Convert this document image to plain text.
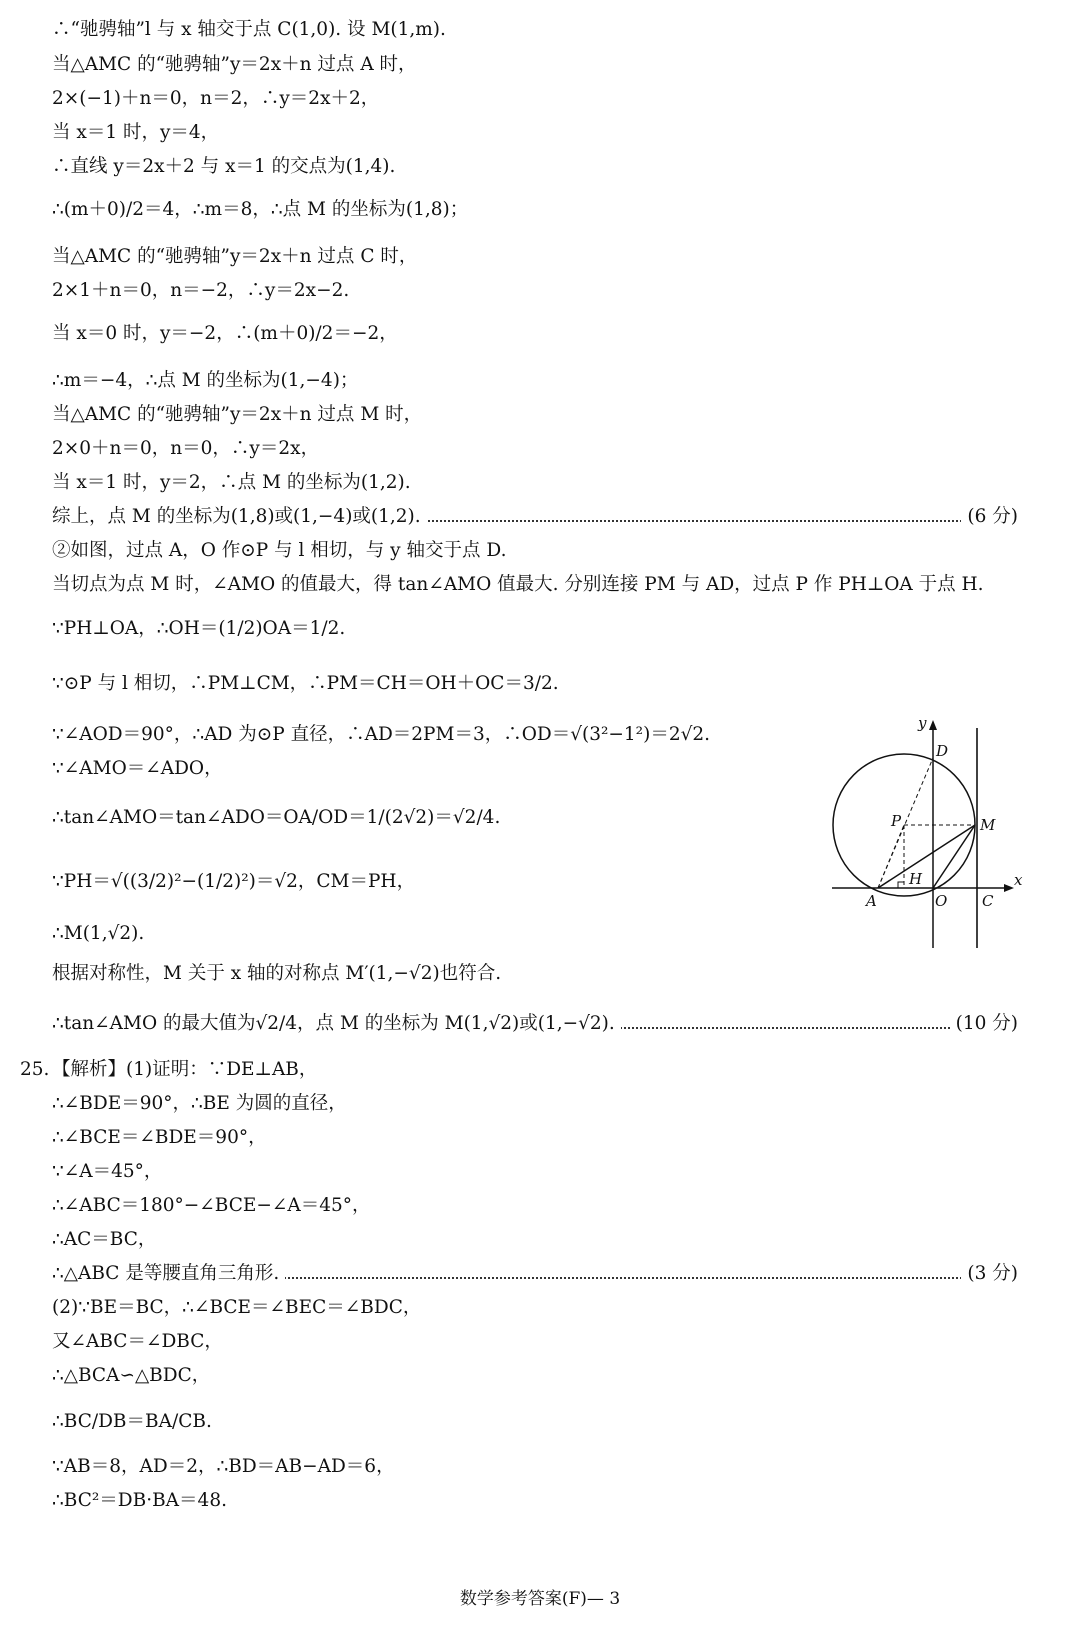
∴“驰骋轴”l 与 x 轴交于点 C(1,0). 设 M(1,m).
当△AMC 的“驰骋轴”y＝2x＋n 过点 A 时，
2×(−1)＋n＝0，n＝2，∴y＝2x＋2，
当 x＝1 时，y＝4，
∴直线 y＝2x＋2 与 x＝1 的交点为(1,4).
∴(m＋0)/2＝4，∴m＝8，∴点 M 的坐标为(1,8)；
当△AMC 的“驰骋轴”y＝2x＋n 过点 C 时，
2×1＋n＝0，n＝−2，∴y＝2x−2.
当 x＝0 时，y＝−2，∴(m＋0)/2＝−2，
∴m＝−4，∴点 M 的坐标为(1,−4)；
当△AMC 的“驰骋轴”y＝2x＋n 过点 M 时，
2×0＋n＝0，n＝0，∴y＝2x，
当 x＝1 时，y＝2，∴点 M 的坐标为(1,2).
综上，点 M 的坐标为(1,8)或(1,−4)或(1,2).	(6 分)
②如图，过点 A，O 作⊙P 与 l 相切，与 y 轴交于点 D.
当切点为点 M 时，∠AMO 的值最大，得 tan∠AMO 值最大. 分别连接 PM 与 AD，过点 P 作 PH⊥OA 于点 H.
∵PH⊥OA，∴OH＝(1/2)OA＝1/2.
∵⊙P 与 l 相切，∴PM⊥CM，∴PM＝CH＝OH＋OC＝3/2.
∵∠AOD＝90°，∴AD 为⊙P 直径，∴AD＝2PM＝3，∴OD＝√(3²−1²)＝2√2.
∵∠AMO＝∠ADO，
∴tan∠AMO＝tan∠ADO＝OA/OD＝1/(2√2)＝√2/4.
∵PH＝√((3/2)²−(1/2)²)＝√2，CM＝PH，
∴M(1,√2).
根据对称性，M 关于 x 轴的对称点 M′(1,−√2)也符合.
∴tan∠AMO 的最大值为√2/4，点 M 的坐标为 M(1,√2)或(1,−√2).	(10 分)
25. 【解析】(1)证明：∵DE⊥AB，
∴∠BDE＝90°，∴BE 为圆的直径，
∴∠BCE＝∠BDE＝90°，
∵∠A＝45°，
∴∠ABC＝180°−∠BCE−∠A＝45°，
∴AC＝BC，
∴△ABC 是等腰直角三角形.	(3 分)
(2)∵BE＝BC，∴∠BCE＝∠BEC＝∠BDC，
又∠ABC＝∠DBC，
∴△BCA∽△BDC，
∴BC/DB＝BA/CB.
∵AB＝8，AD＝2，∴BD＝AB−AD＝6，
∴BC²＝DB·BA＝48.
y
x
D
P	M
H
A	O C
数学参考答案(F)— 3
